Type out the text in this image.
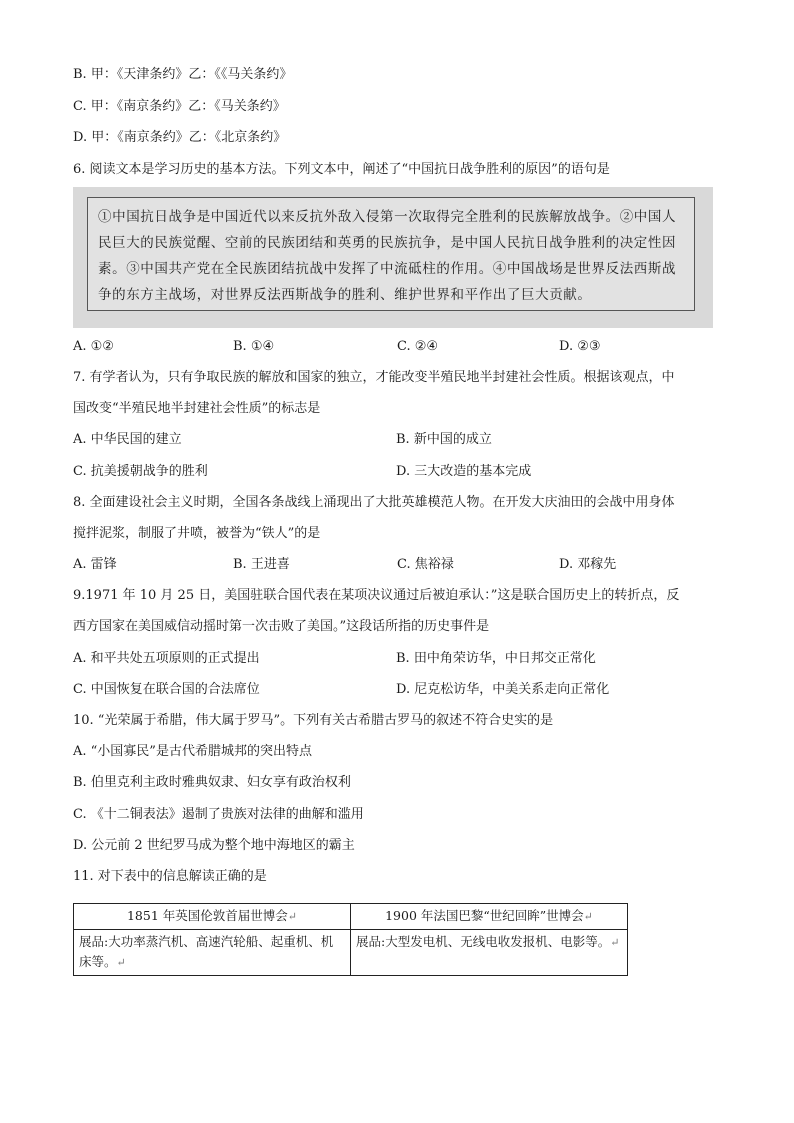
B. 甲：《天津条约》乙：《《马关条约》
C. 甲：《南京条约》乙：《马关条约》
D. 甲：《南京条约》乙：《北京条约》
6. 阅读文本是学习历史的基本方法。下列文本中，阐述了“中国抗日战争胜利的原因”的语句是
①中国抗日战争是中国近代以来反抗外敌入侵第一次取得完全胜利的民族解放战争。②中国人民巨大的民族觉醒、空前的民族团结和英勇的民族抗争，是中国人民抗日战争胜利的决定性因素。③中国共产党在全民族团结抗战中发挥了中流砥柱的作用。④中国战场是世界反法西斯战争的东方主战场，对世界反法西斯战争的胜利、维护世界和平作出了巨大贡献。
A. ①②	B. ①④	C. ②④	D. ②③
7. 有学者认为，只有争取民族的解放和国家的独立，才能改变半殖民地半封建社会性质。根据该观点，中
国改变“半殖民地半封建社会性质”的标志是
A. 中华民国的建立	B. 新中国的成立
C. 抗美援朝战争的胜利	D. 三大改造的基本完成
8. 全面建设社会主义时期，全国各条战线上涌现出了大批英雄模范人物。在开发大庆油田的会战中用身体
搅拌泥浆，制服了井喷，被誉为“铁人”的是
A. 雷锋	B. 王进喜	C. 焦裕禄	D. 邓稼先
9.1971 年 10 月 25 日，美国驻联合国代表在某项决议通过后被迫承认：”这是联合国历史上的转折点，反
西方国家在美国威信动摇时第一次击败了美国。”这段话所指的历史事件是
A. 和平共处五项原则的正式提出	B. 田中角荣访华，中日邦交正常化
C. 中国恢复在联合国的合法席位	D. 尼克松访华，中美关系走向正常化
10. “光荣属于希腊，伟大属于罗马”。下列有关古希腊古罗马的叙述不符合史实的是
A. “小国寡民”是古代希腊城邦的突出特点
B. 伯里克利主政时雅典奴隶、妇女享有政治权利
C. 《十二铜表法》遏制了贵族对法律的曲解和滥用
D. 公元前 2 世纪罗马成为整个地中海地区的霸主
11. 对下表中的信息解读正确的是
1851 年英国伦敦首届世博会↵	1900 年法国巴黎“世纪回眸”世博会↵
展品:大功率蒸汽机、高速汽轮船、起重机、机床等。↵	展品:大型发电机、无线电收发报机、电影等。↵
